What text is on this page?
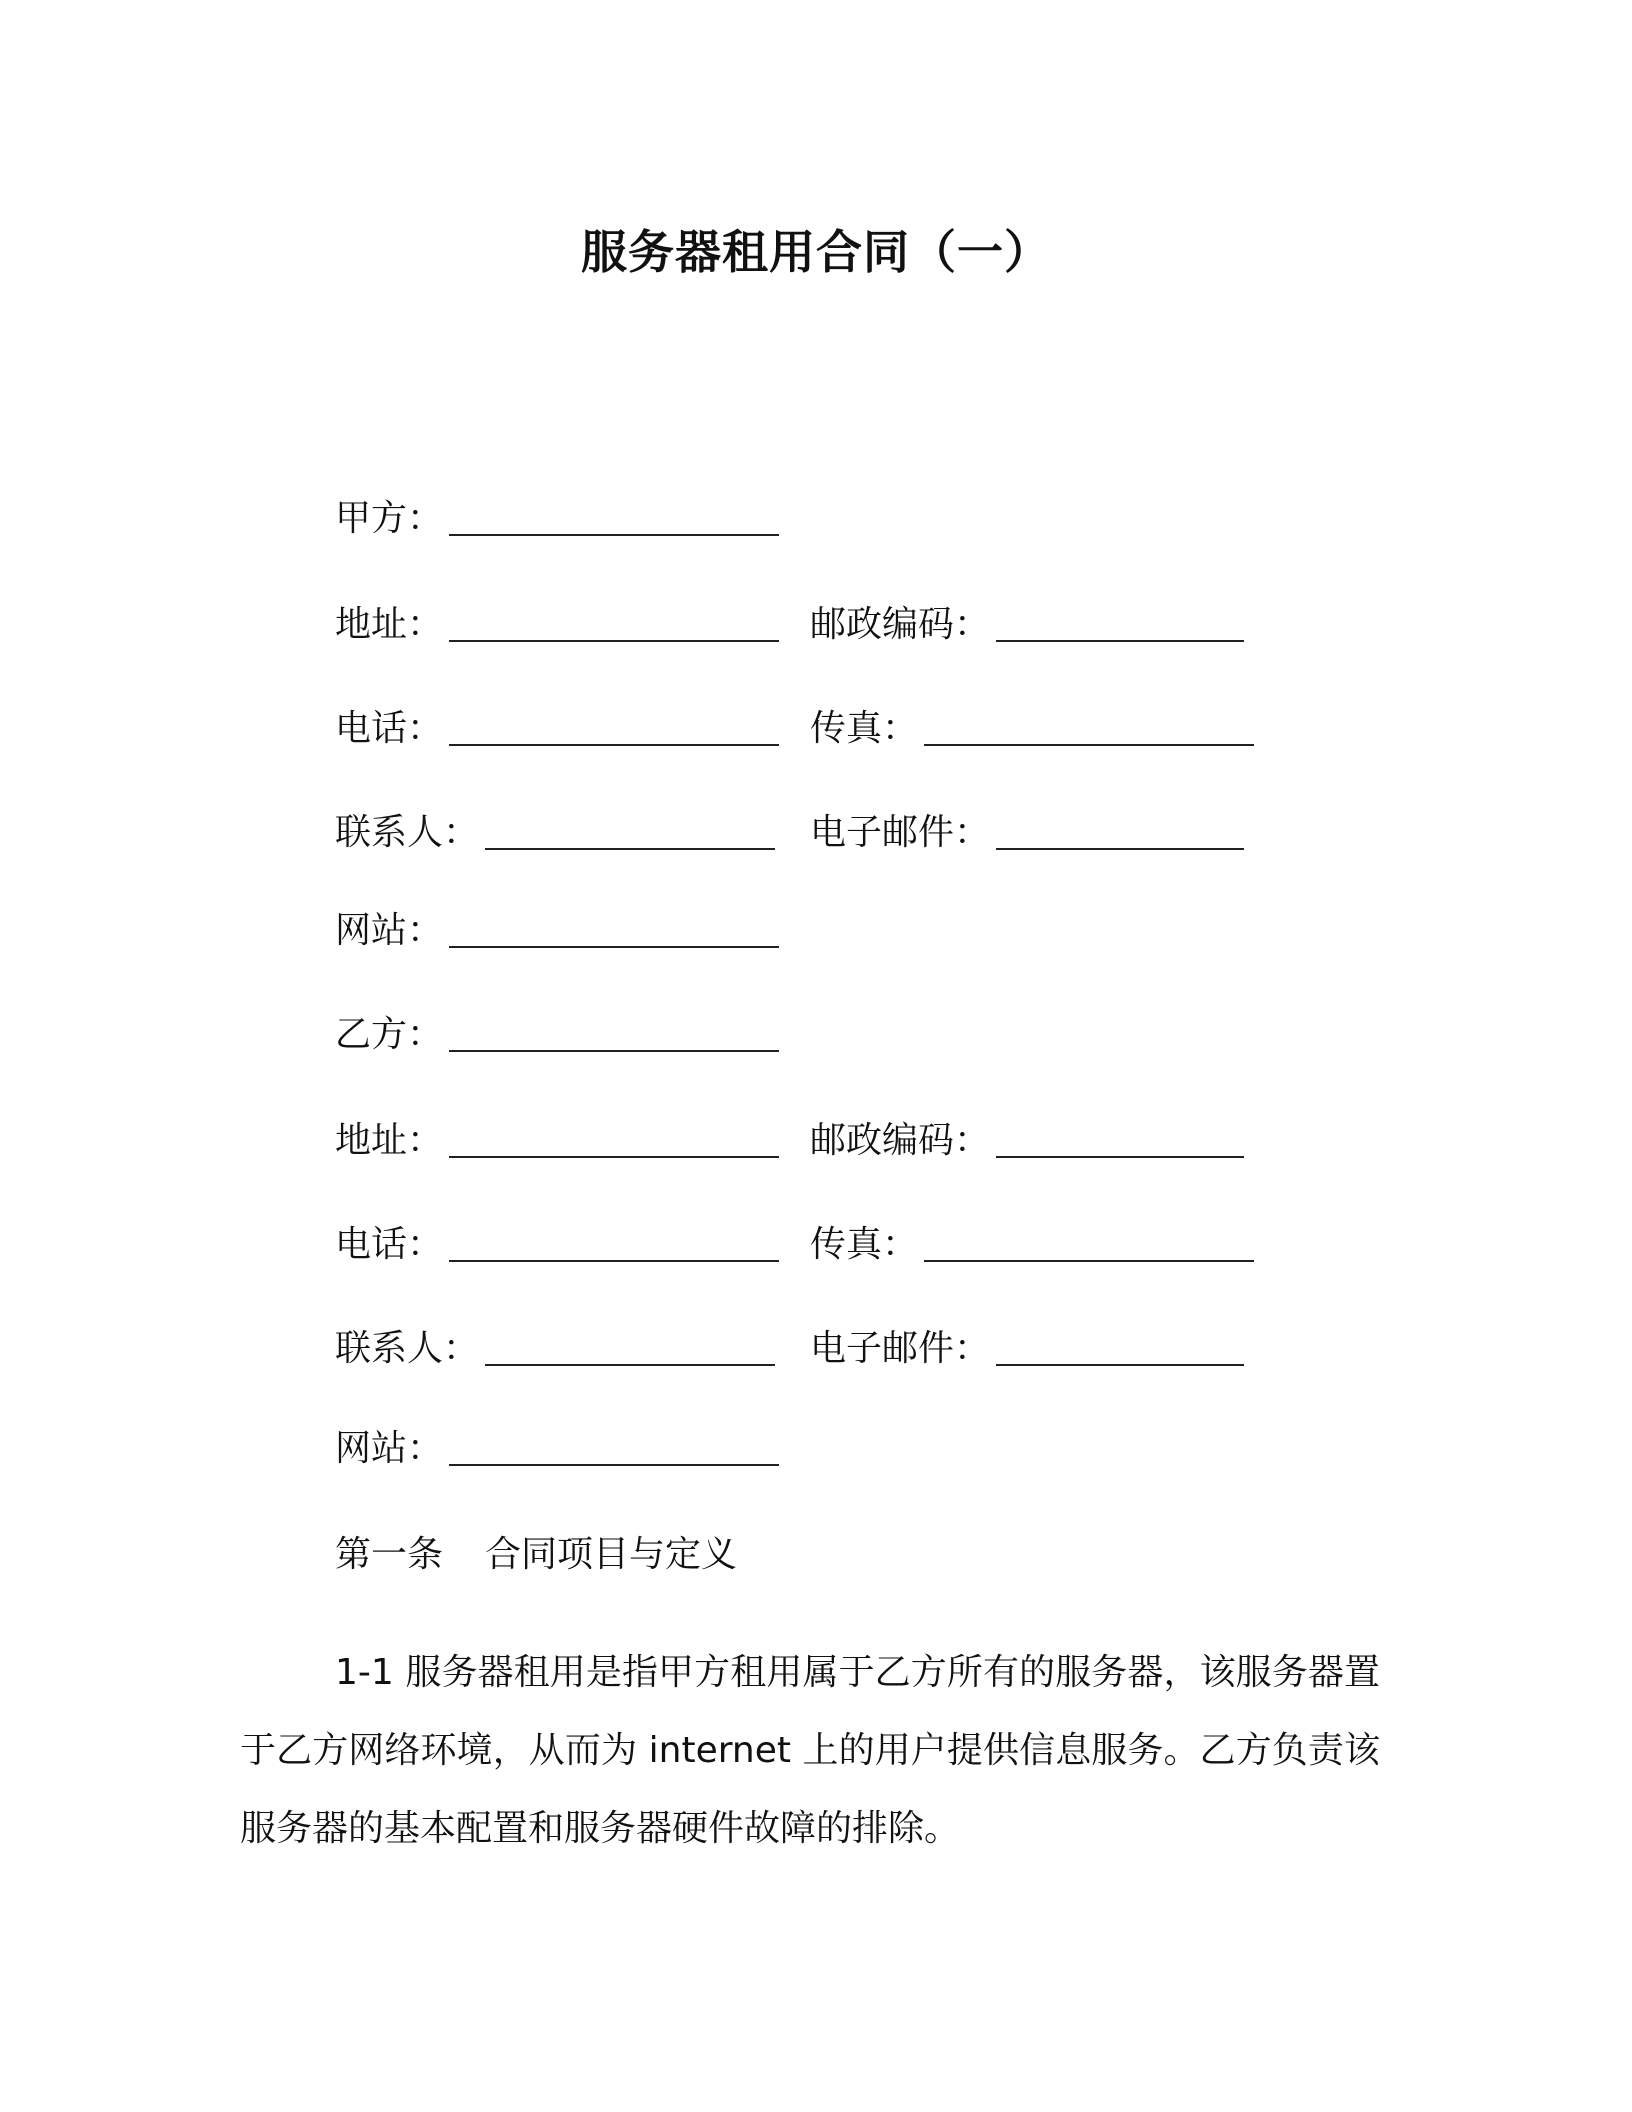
服务器租用合同（一）
甲方：
地址：	邮政编码：
电话：	传真：
联系人：	电子邮件：
网站：
乙方：
地址：	邮政编码：
电话：	传真：
联系人：	电子邮件：
网站：
第一条 合同项目与定义
1-1 服务器租用是指甲方租用属于乙方所有的服务器，该服务器置于乙方网络环境，从而为 internet 上的用户提供信息服务。乙方负责该服务器的基本配置和服务器硬件故障的排除。
